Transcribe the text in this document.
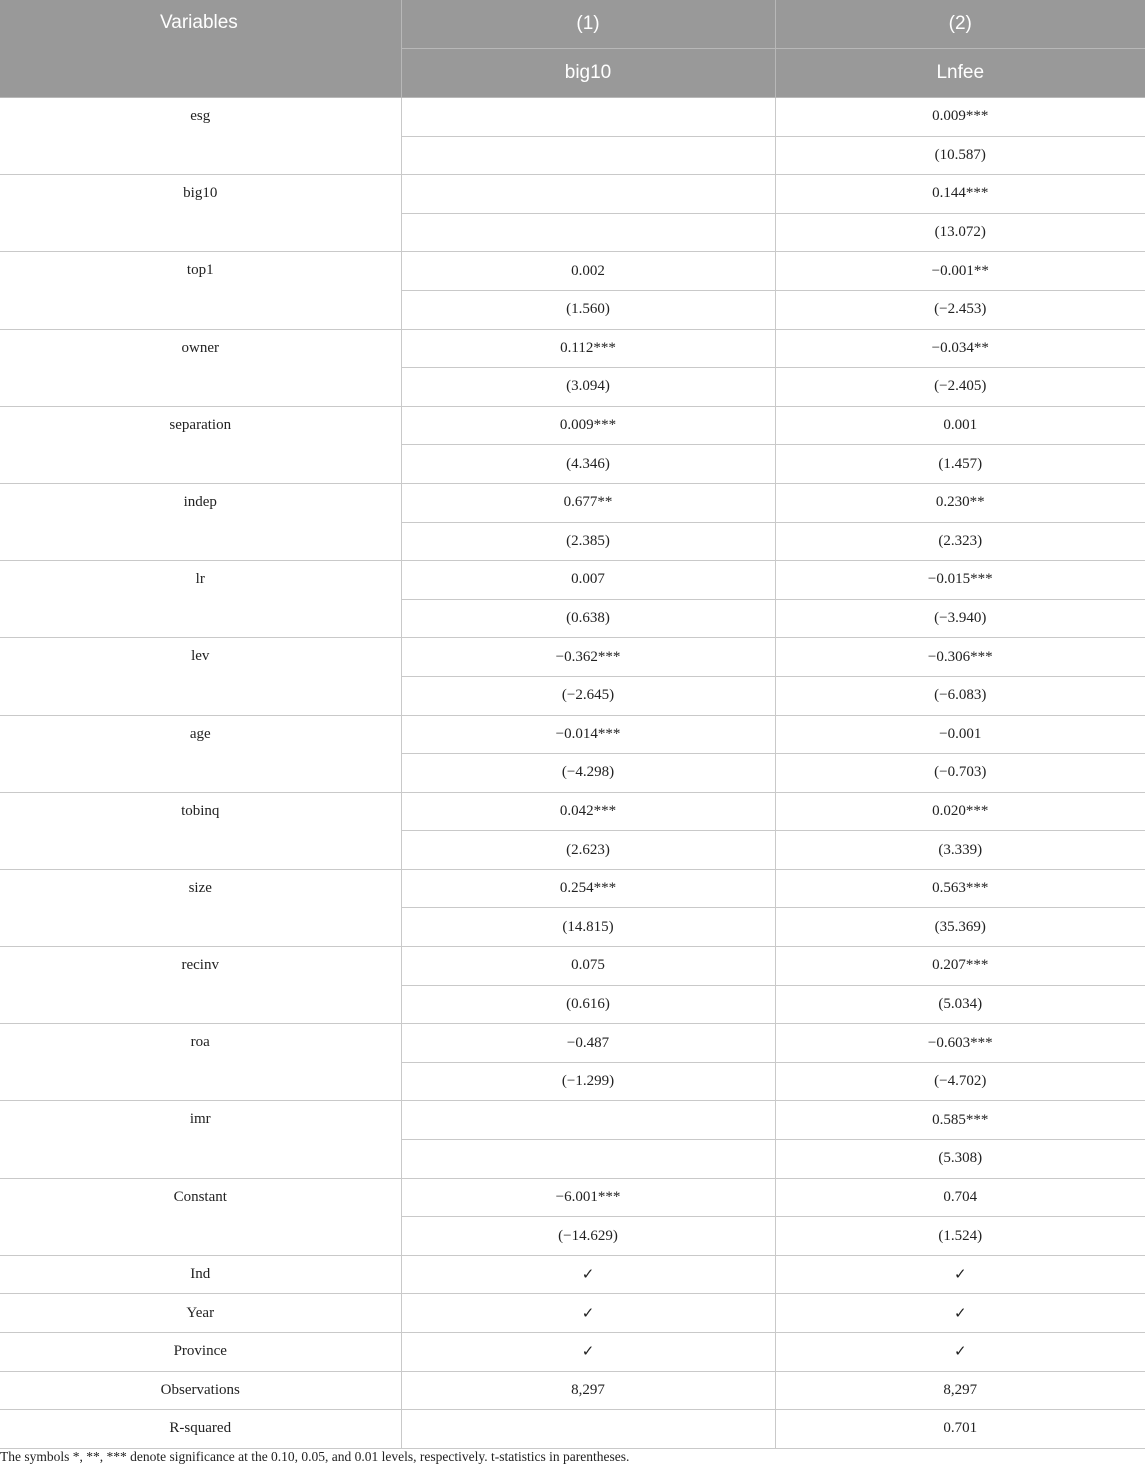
Variables	(1)	(2)
	big10	Lnfee
esg		0.009***
		(10.587)
big10		0.144***
		(13.072)
top1	0.002	−0.001**
	(1.560)	(−2.453)
owner	0.112***	−0.034**
	(3.094)	(−2.405)
separation	0.009***	0.001
	(4.346)	(1.457)
indep	0.677**	0.230**
	(2.385)	(2.323)
lr	0.007	−0.015***
	(0.638)	(−3.940)
lev	−0.362***	−0.306***
	(−2.645)	(−6.083)
age	−0.014***	−0.001
	(−4.298)	(−0.703)
tobinq	0.042***	0.020***
	(2.623)	(3.339)
size	0.254***	0.563***
	(14.815)	(35.369)
recinv	0.075	0.207***
	(0.616)	(5.034)
roa	−0.487	−0.603***
	(−1.299)	(−4.702)
imr		0.585***
		(5.308)
Constant	−6.001***	0.704
	(−14.629)	(1.524)
Ind	✓	✓
Year	✓	✓
Province	✓	✓
Observations	8,297	8,297
R-squared		0.701
The symbols *, **, *** denote significance at the 0.10, 0.05, and 0.01 levels, respectively. t-statistics in parentheses.
